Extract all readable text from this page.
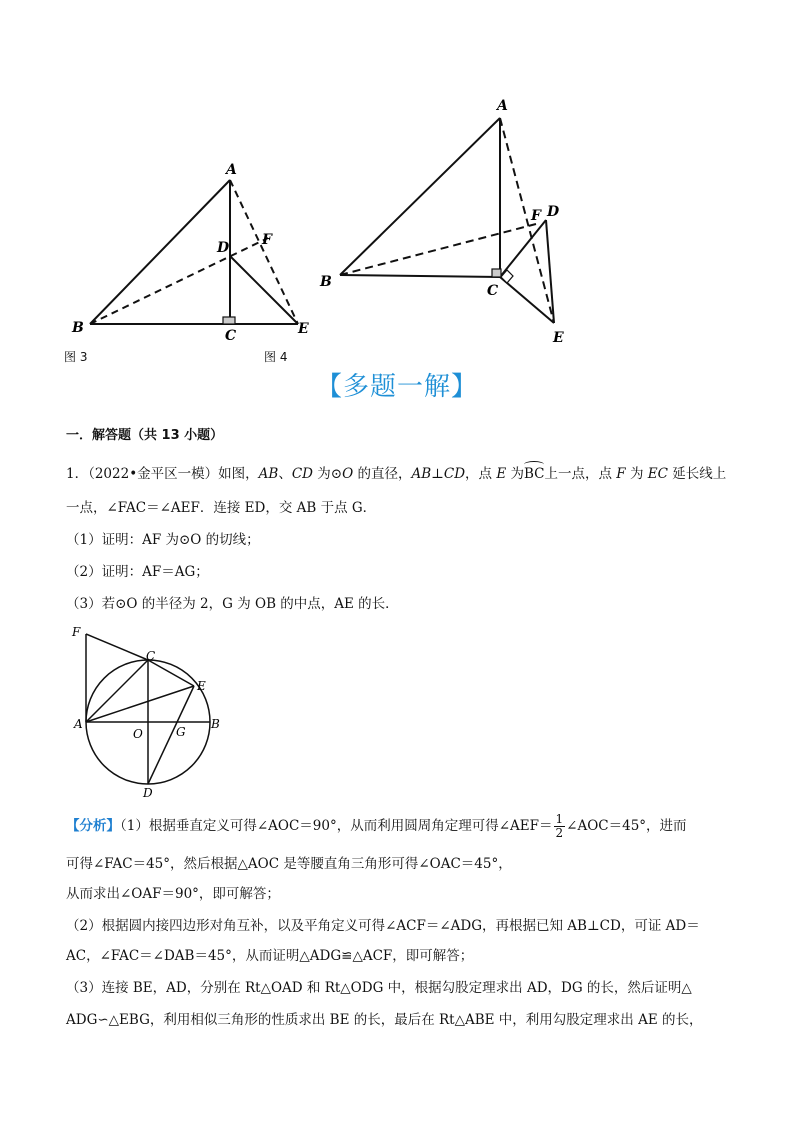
A
B	C
D
E
F
图 3	图 4
A
B
C
D
E
F
【多题一解】
一．解答题（共 13 小题）
1．（2022•金平区一模）如图，AB、CD 为⊙O 的直径，AB⊥CD，点 E 为BC上一点，点 F 为 EC 延长线上
一点，∠FAC＝∠AEF．连接 ED，交 AB 于点 G．
（1）证明：AF 为⊙O 的切线；
（2）证明：AF＝AG；
（3）若⊙O 的半径为 2，G 为 OB 的中点，AE 的长．
F
C
E
A
O	G
B
D
【分析】（1）根据垂直定义可得∠AOC＝90°，从而利用圆周角定理可得∠AEF＝ $\frac{1}{2}$ ∠AOC＝45°，进而
可得∠FAC＝45°，然后根据△AOC 是等腰直角三角形可得∠OAC＝45°，
从而求出∠OAF＝90°，即可解答；
（2）根据圆内接四边形对角互补，以及平角定义可得∠ACF＝∠ADG，再根据已知 AB⊥CD，可证 AD＝
AC，∠FAC＝∠DAB＝45°，从而证明△ADG≌△ACF，即可解答；
（3）连接 BE，AD，分别在 Rt△OAD 和 Rt△ODG 中，根据勾股定理求出 AD，DG 的长，然后证明△
ADG∽△EBG，利用相似三角形的性质求出 BE 的长，最后在 Rt△ABE 中，利用勾股定理求出 AE 的长，
